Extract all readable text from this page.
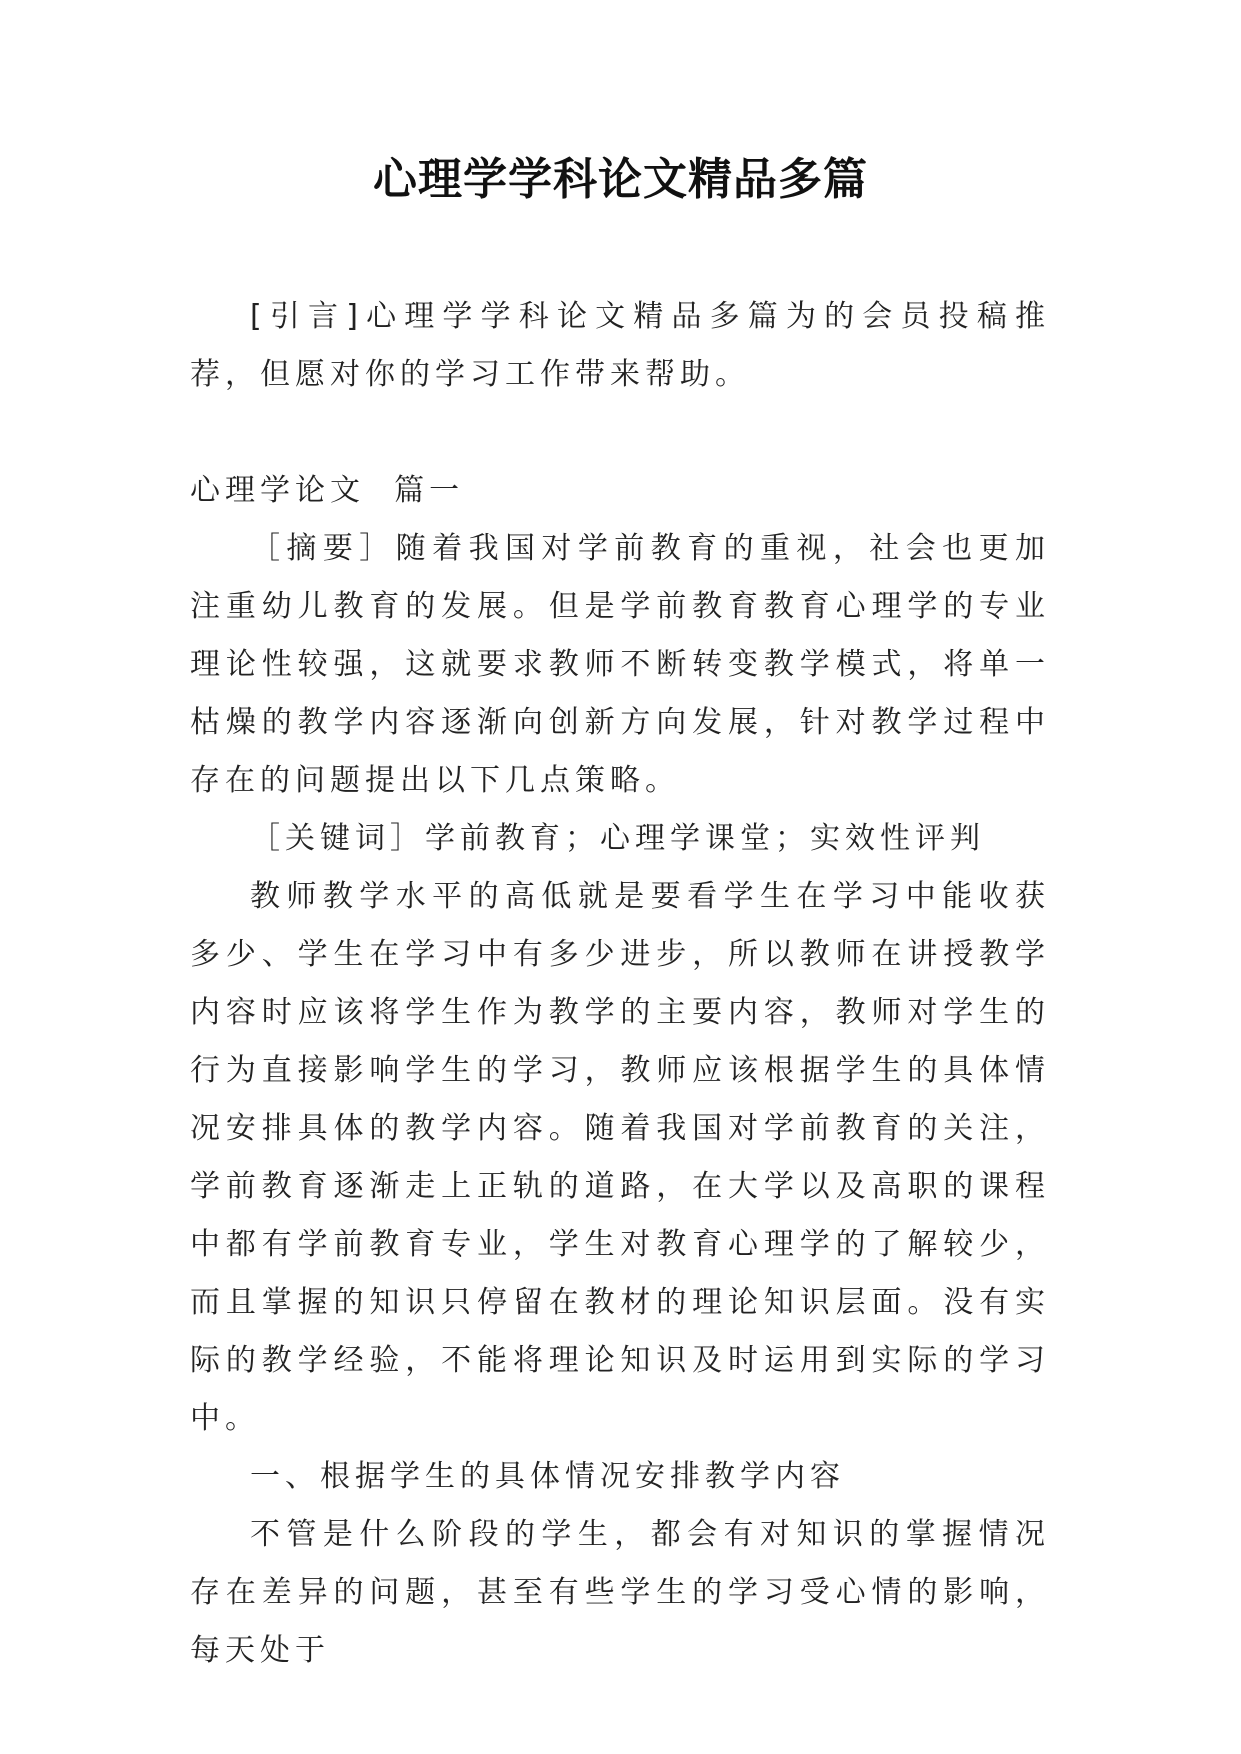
心理学学科论文精品多篇

[引言]心理学学科论文精品多篇为的会员投稿推荐，但愿对你的学习工作带来帮助。

心理学论文  篇一

［摘要］随着我国对学前教育的重视，社会也更加注重幼儿教育的发展。但是学前教育教育心理学的专业理论性较强，这就要求教师不断转变教学模式，将单一枯燥的教学内容逐渐向创新方向发展，针对教学过程中存在的问题提出以下几点策略。

［关键词］学前教育；心理学课堂；实效性评判

教师教学水平的高低就是要看学生在学习中能收获多少、学生在学习中有多少进步，所以教师在讲授教学内容时应该将学生作为教学的主要内容，教师对学生的行为直接影响学生的学习，教师应该根据学生的具体情况安排具体的教学内容。随着我国对学前教育的关注，学前教育逐渐走上正轨的道路，在大学以及高职的课程中都有学前教育专业，学生对教育心理学的了解较少，而且掌握的知识只停留在教材的理论知识层面。没有实际的教学经验，不能将理论知识及时运用到实际的学习中。

一、根据学生的具体情况安排教学内容

不管是什么阶段的学生，都会有对知识的掌握情况存在差异的问题，甚至有些学生的学习受心情的影响，每天处于
